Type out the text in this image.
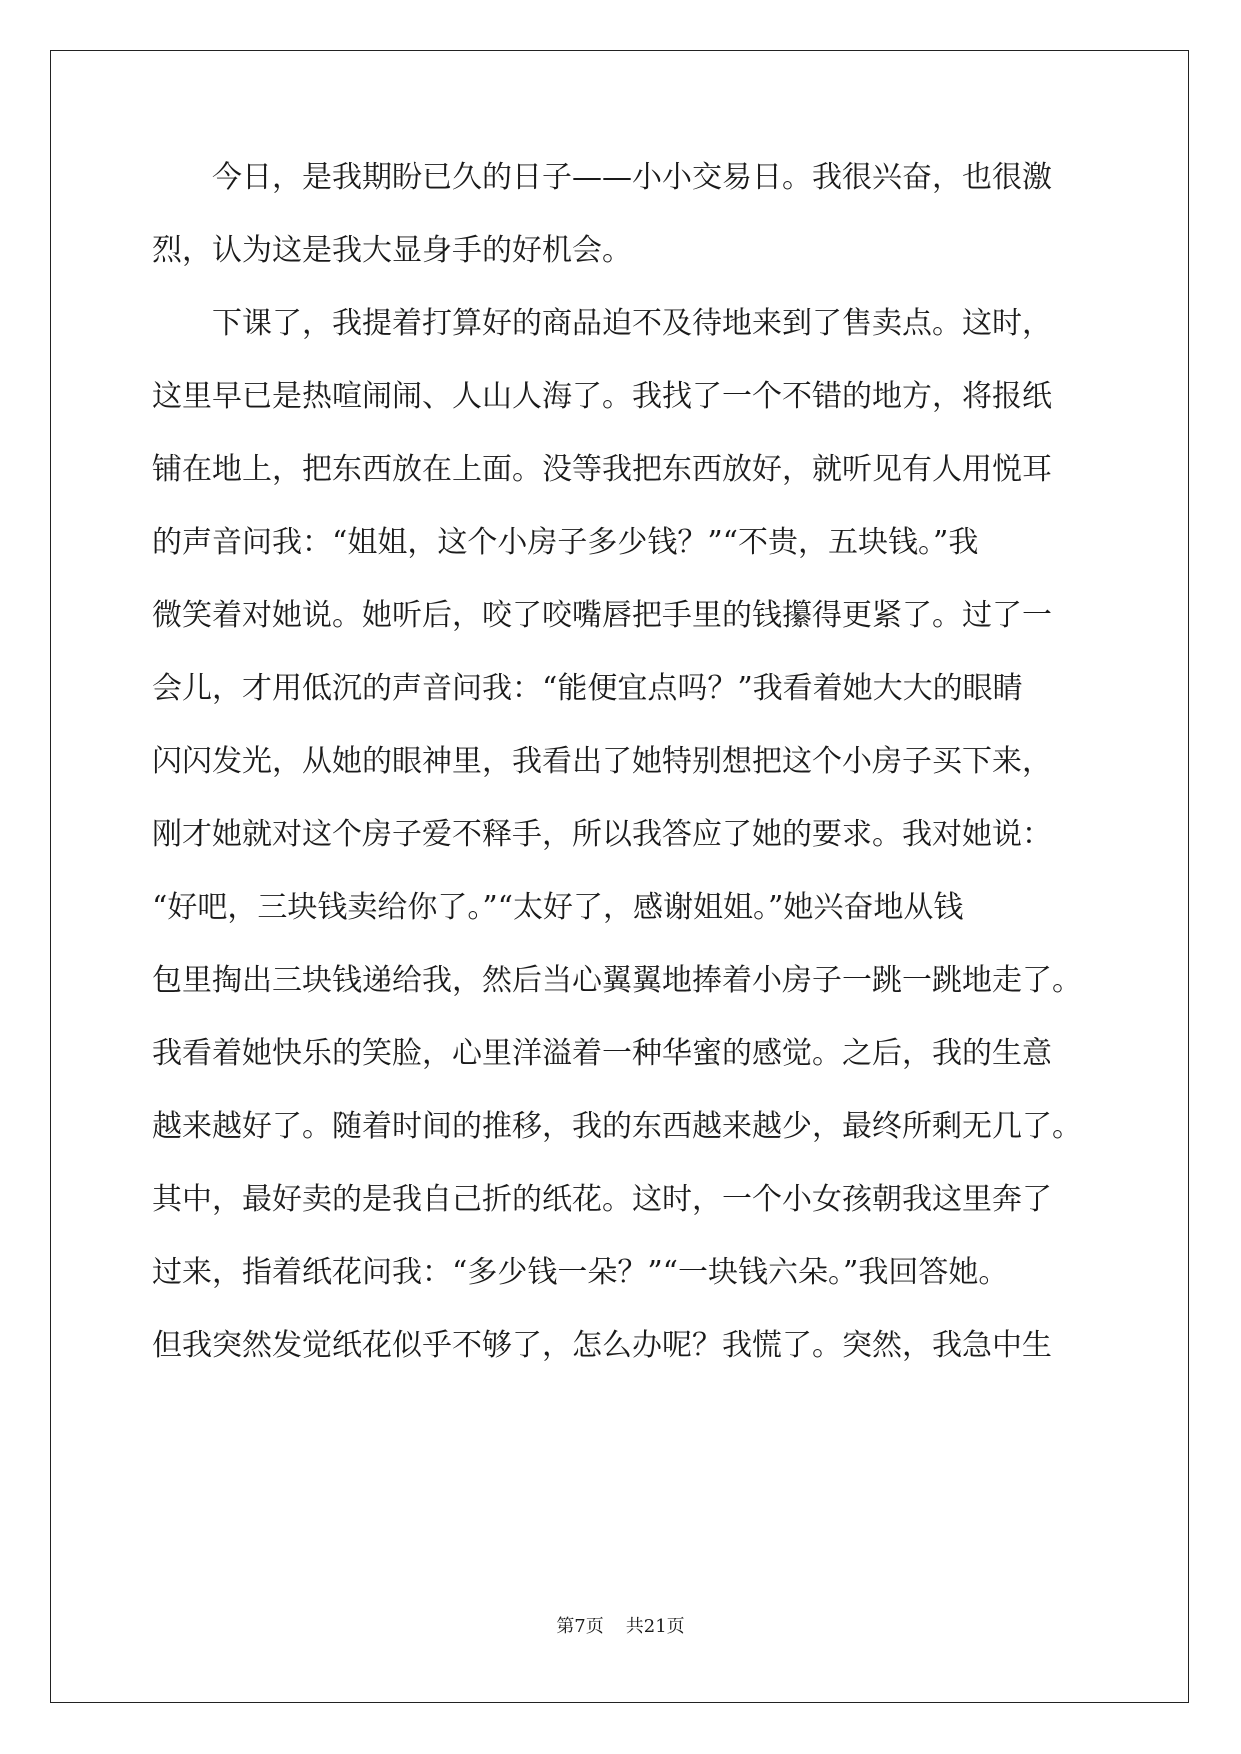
今日，是我期盼已久的日子——小小交易日。我很兴奋，也很激
烈，认为这是我大显身手的好机会。
下课了，我提着打算好的商品迫不及待地来到了售卖点。这时，
这里早已是热喧闹闹、人山人海了。我找了一个不错的地方，将报纸
铺在地上，把东西放在上面。没等我把东西放好，就听见有人用悦耳
的声音问我：“姐姐，这个小房子多少钱？”“不贵，五块钱。”我
微笑着对她说。她听后，咬了咬嘴唇把手里的钱攥得更紧了。过了一
会儿，才用低沉的声音问我：“能便宜点吗？”我看着她大大的眼睛
闪闪发光，从她的眼神里，我看出了她特别想把这个小房子买下来，
刚才她就对这个房子爱不释手，所以我答应了她的要求。我对她说：
“好吧，三块钱卖给你了。”“太好了，感谢姐姐。”她兴奋地从钱
包里掏出三块钱递给我，然后当心翼翼地捧着小房子一跳一跳地走了。
我看着她快乐的笑脸，心里洋溢着一种华蜜的感觉。之后，我的生意
越来越好了。随着时间的推移，我的东西越来越少，最终所剩无几了。
其中，最好卖的是我自己折的纸花。这时，一个小女孩朝我这里奔了
过来，指着纸花问我：“多少钱一朵？”“一块钱六朵。”我回答她。
但我突然发觉纸花似乎不够了，怎么办呢？我慌了。突然，我急中生
第7页 共21页
